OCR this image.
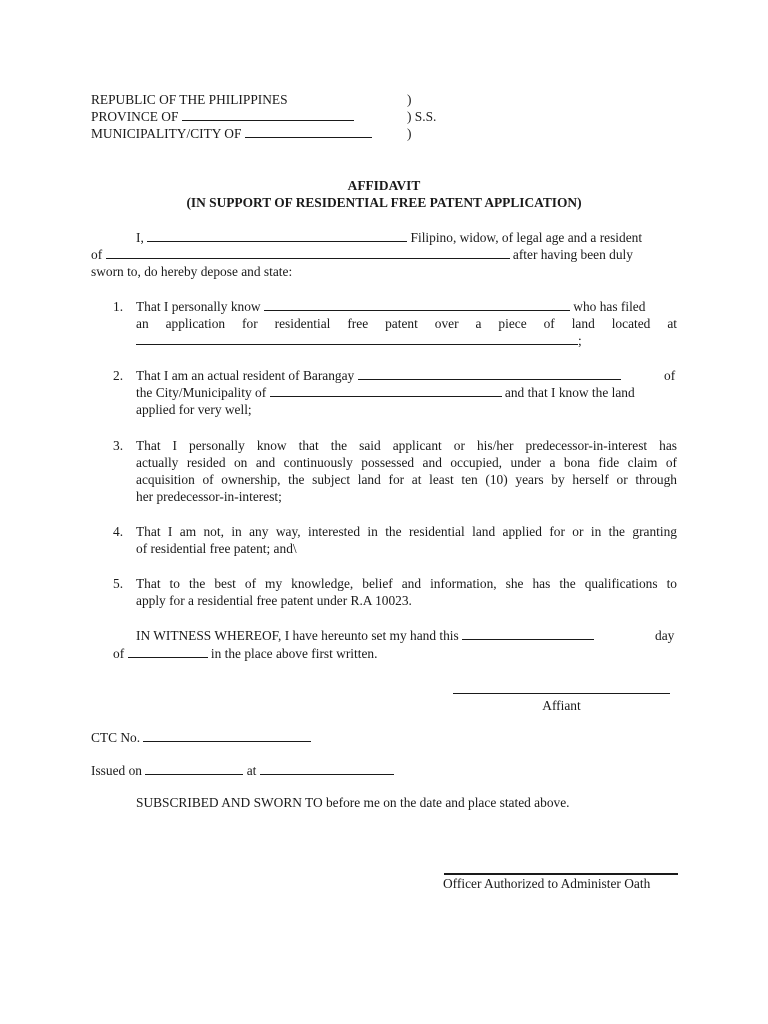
REPUBLIC OF THE PHILIPPINES	)
PROVINCE OF	) S.S.
MUNICIPALITY/CITY OF	)
AFFIDAVIT
(IN SUPPORT OF RESIDENTIAL FREE PATENT APPLICATION)
I,	Filipino, widow, of legal age and a resident
of	after having been duly
sworn to, do hereby depose and state:
1. That I personally know	who has filed
an application for residential free patent over a piece of land located at
;
2. That I am an actual resident of Barangay	of
the City/Municipality of	and that I know the land
applied for very well;
3. That I personally know that the said applicant or his/her predecessor-in-interest has
actually resided on and continuously possessed and occupied, under a bona fide claim of
acquisition of ownership, the subject land for at least ten (10) years by herself or through
her predecessor-in-interest;
4. That I am not, in any way, interested in the residential land applied for or in the granting
of residential free patent; and\
5. That to the best of my knowledge, belief and information, she has the qualifications to
apply for a residential free patent under R.A 10023.
IN WITNESS WHEREOF, I have hereunto set my hand this	day
of	in the place above first written.
Affiant
CTC No.
Issued on	at
SUBSCRIBED AND SWORN TO before me on the date and place stated above.
Officer Authorized to Administer Oath
